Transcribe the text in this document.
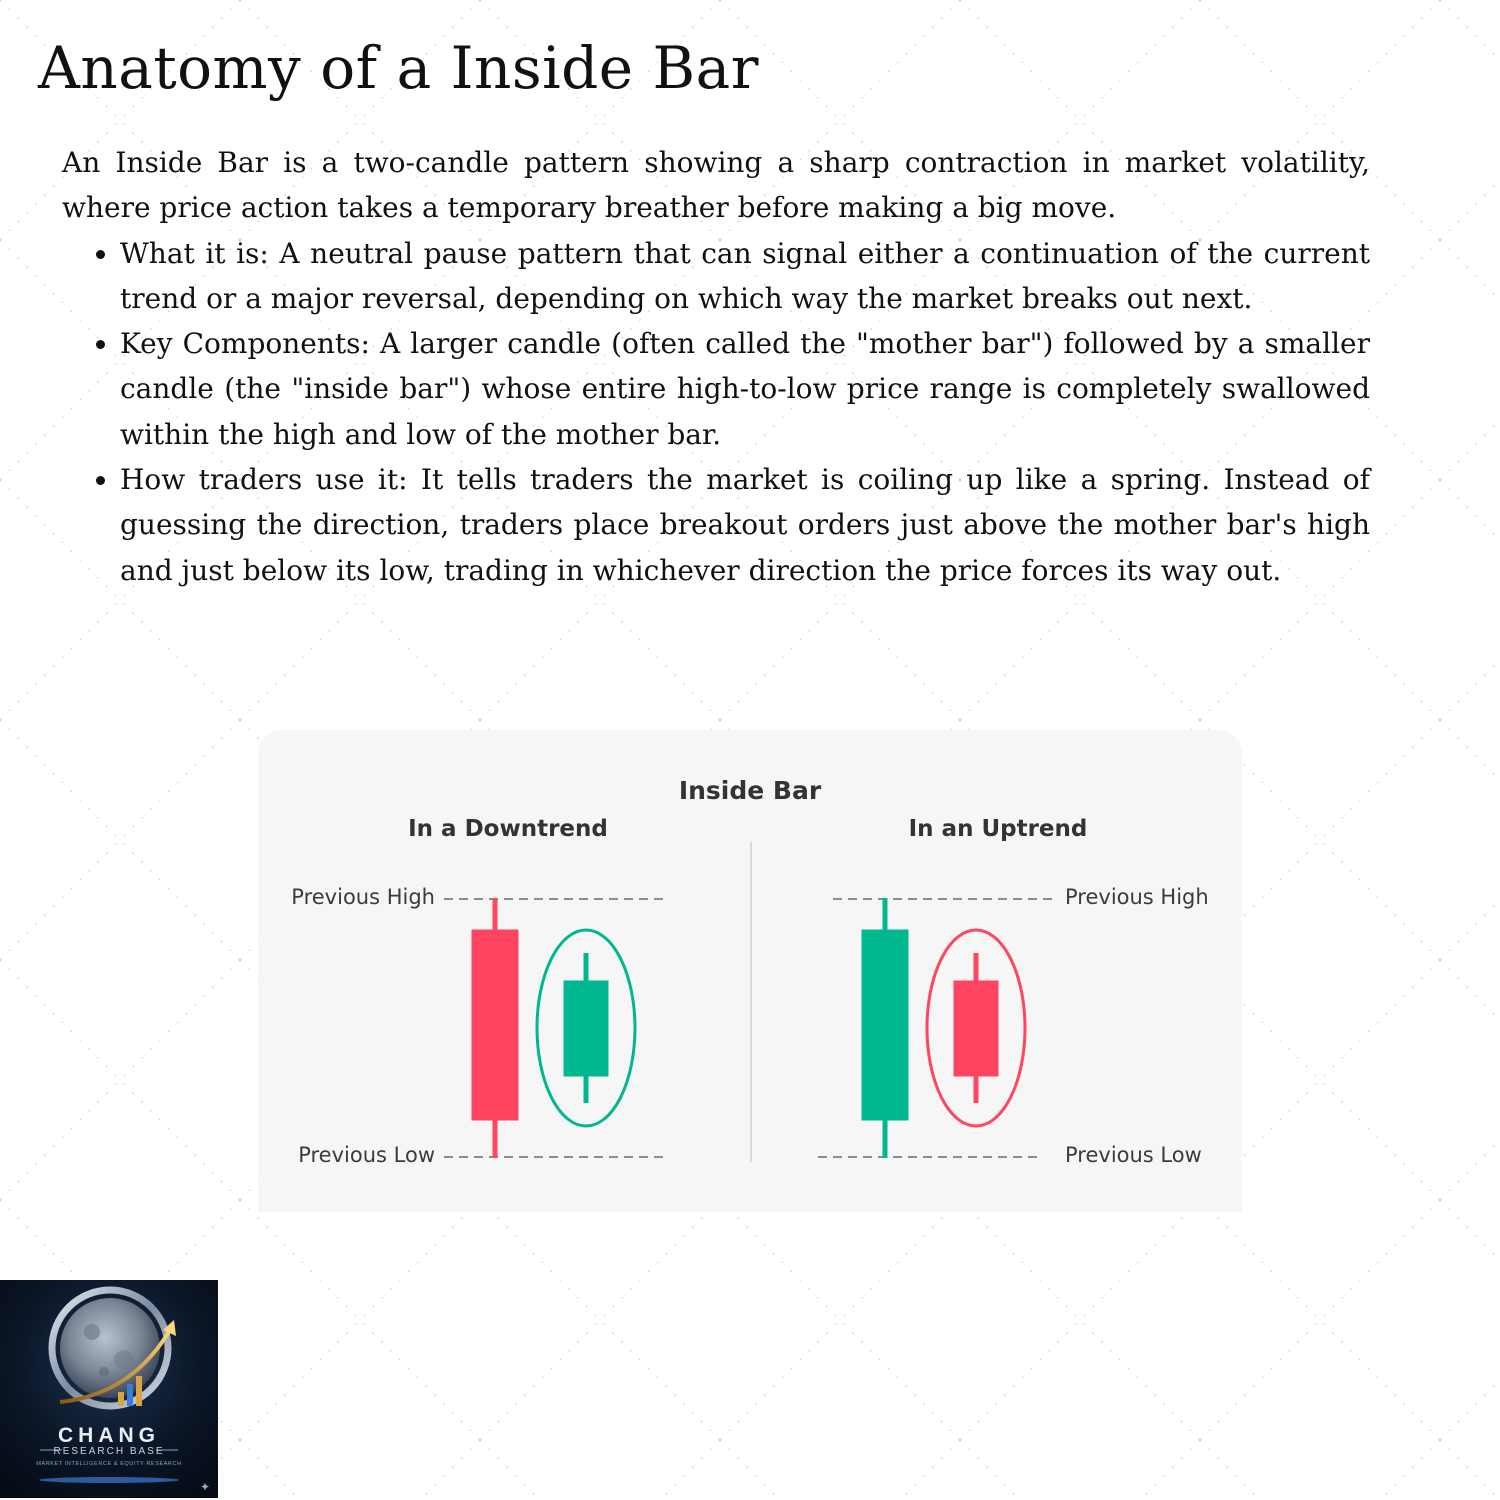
Anatomy of a Inside Bar

An Inside Bar is a two-candle pattern showing a sharp contraction in market volatility, where price action takes a temporary breather before making a big move.

• What it is: A neutral pause pattern that can signal either a continuation of the current trend or a major reversal, depending on which way the market breaks out next.
• Key Components: A larger candle (often called the "mother bar") followed by a smaller candle (the "inside bar") whose entire high-to-low price range is completely swallowed within the high and low of the mother bar.
• How traders use it: It tells traders the market is coiling up like a spring. Instead of guessing the direction, traders place breakout orders just above the mother bar's high and just below its low, trading in whichever direction the price forces its way out.
Inside Bar
In a Downtrend	In an Uptrend
Previous High
Previous Low
Previous High
Previous Low
CHANG
RESEARCH BASE
MARKET INTELLIGENCE & EQUITY RESEARCH
✦
